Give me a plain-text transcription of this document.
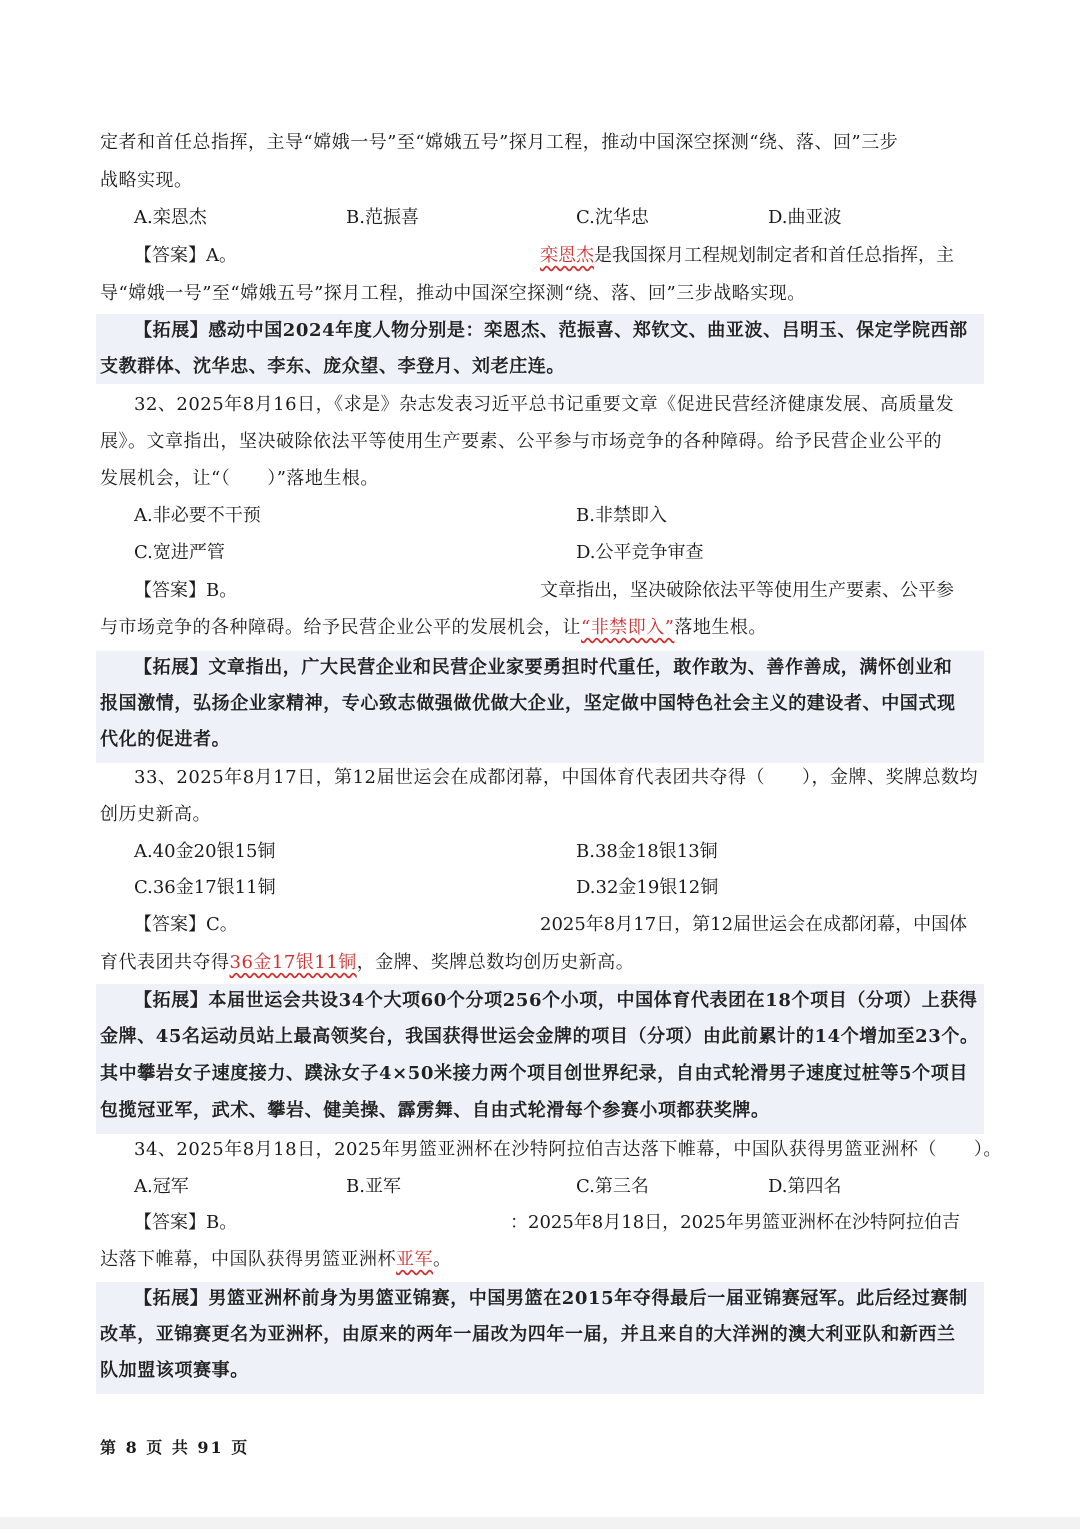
定者和首任总指挥，主导“嫦娥一号”至“嫦娥五号”探月工程，推动中国深空探测“绕、落、回”三步
战略实现。
A.栾恩杰	B.范振喜	C.沈华忠	D.曲亚波
【答案】A。	栾恩杰是我国探月工程规划制定者和首任总指挥，主
导“嫦娥一号”至“嫦娥五号”探月工程，推动中国深空探测“绕、落、回”三步战略实现。
【拓展】感动中国2024年度人物分别是：栾恩杰、范振喜、郑钦文、曲亚波、吕明玉、保定学院西部
支教群体、沈华忠、李东、庞众望、李登月、刘老庄连。
32、2025年8月16日，《求是》杂志发表习近平总书记重要文章《促进民营经济健康发展、高质量发
展》。文章指出，坚决破除依法平等使用生产要素、公平参与市场竞争的各种障碍。给予民营企业公平的
发展机会，让“（　　）”落地生根。
A.非必要不干预	B.非禁即入
C.宽进严管	D.公平竞争审查
【答案】B。	文章指出，坚决破除依法平等使用生产要素、公平参
与市场竞争的各种障碍。给予民营企业公平的发展机会，让“非禁即入”落地生根。
【拓展】文章指出，广大民营企业和民营企业家要勇担时代重任，敢作敢为、善作善成，满怀创业和
报国激情，弘扬企业家精神，专心致志做强做优做大企业，坚定做中国特色社会主义的建设者、中国式现
代化的促进者。
33、2025年8月17日，第12届世运会在成都闭幕，中国体育代表团共夺得（　　），金牌、奖牌总数均
创历史新高。
A.40金20银15铜	B.38金18银13铜
C.36金17银11铜	D.32金19银12铜
【答案】C。	2025年8月17日，第12届世运会在成都闭幕，中国体
育代表团共夺得36金17银11铜，金牌、奖牌总数均创历史新高。
【拓展】本届世运会共设34个大项60个分项256个小项，中国体育代表团在18个项目（分项）上获得
金牌、45名运动员站上最高领奖台，我国获得世运会金牌的项目（分项）由此前累计的14个增加至23个。
其中攀岩女子速度接力、蹼泳女子4×50米接力两个项目创世界纪录，自由式轮滑男子速度过桩等5个项目
包揽冠亚军，武术、攀岩、健美操、霹雳舞、自由式轮滑每个参赛小项都获奖牌。
34、2025年8月18日，2025年男篮亚洲杯在沙特阿拉伯吉达落下帷幕，中国队获得男篮亚洲杯（　　）。
A.冠军	B.亚军	C.第三名	D.第四名
【答案】B。	：2025年8月18日，2025年男篮亚洲杯在沙特阿拉伯吉
达落下帷幕，中国队获得男篮亚洲杯亚军。
【拓展】男篮亚洲杯前身为男篮亚锦赛，中国男篮在2015年夺得最后一届亚锦赛冠军。此后经过赛制
改革，亚锦赛更名为亚洲杯，由原来的两年一届改为四年一届，并且来自的大洋洲的澳大利亚队和新西兰
队加盟该项赛事。
第 8 页 共 91 页
